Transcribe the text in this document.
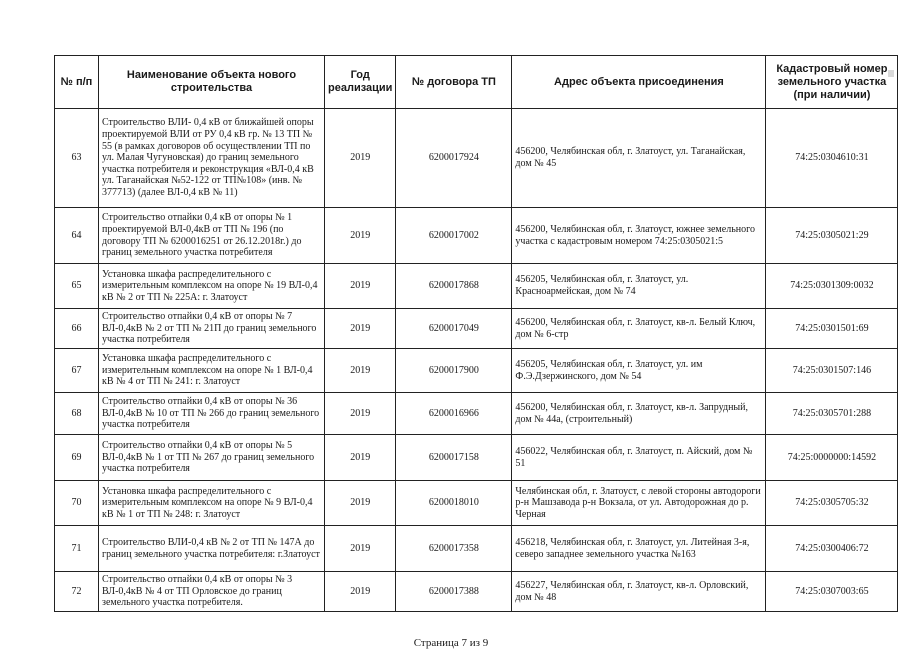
№ п/п	Наименование объекта нового строительства	Год реализации	№ договора ТП	Адрес объекта присоединения	Кадастровый номер земельного участка (при наличии)
63	Строительство ВЛИ- 0,4 кВ от ближайшей опоры проектируемой ВЛИ от РУ 0,4 кВ гр. № 13 ТП № 55 (в рамках договоров об осуществлении ТП по ул. Малая Чугуновская) до границ земельного участка потребителя и реконструкция «ВЛ-0,4 кВ ул. Таганайская №52-122 от ТП№108» (инв. № 377713) (далее ВЛ-0,4 кВ № 11)	2019	6200017924	456200, Челябинская обл, г. Златоуст, ул. Таганайская, дом № 45	74:25:0304610:31
64	Строительство отпайки 0,4 кВ от опоры № 1 проектируемой ВЛ-0,4кВ от ТП № 196 (по договору ТП № 6200016251 от 26.12.2018г.) до границ земельного участка потребителя	2019	6200017002	456200, Челябинская обл, г. Златоуст, южнее земельного участка с кадастровым номером 74:25:0305021:5	74:25:0305021:29
65	Установка шкафа распределительного с измерительным комплексом на опоре № 19 ВЛ-0,4 кВ № 2 от ТП № 225А: г. Златоуст	2019	6200017868	456205, Челябинская обл, г. Златоуст, ул. Красноармейская, дом № 74	74:25:0301309:0032
66	Строительство отпайки 0,4 кВ от опоры № 7 ВЛ-0,4кВ № 2 от ТП № 21П до границ земельного участка потребителя	2019	6200017049	456200, Челябинская обл, г. Златоуст, кв-л. Белый Ключ, дом № 6-стр	74:25:0301501:69
67	Установка шкафа распределительного с измерительным комплексом на опоре № 1 ВЛ-0,4 кВ № 4 от ТП № 241: г. Златоуст	2019	6200017900	456205, Челябинская обл, г. Златоуст, ул. им Ф.Э.Дзержинского, дом № 54	74:25:0301507:146
68	Строительство отпайки 0,4 кВ от опоры № 36 ВЛ-0,4кВ № 10 от ТП № 266 до границ земельного участка потребителя	2019	6200016966	456200, Челябинская обл, г. Златоуст, кв-л. Запрудный, дом № 44а, (строительный)	74:25:0305701:288
69	Строительство отпайки 0,4 кВ от опоры № 5 ВЛ-0,4кВ № 1 от ТП № 267 до границ земельного участка потребителя	2019	6200017158	456022, Челябинская обл, г. Златоуст, п. Айский, дом № 51	74:25:0000000:14592
70	Установка шкафа распределительного с измерительным комплексом на опоре № 9 ВЛ-0,4 кВ № 1 от ТП № 248: г. Златоуст	2019	6200018010	Челябинская обл, г. Златоуст, с левой стороны автодороги р-н Машзавода р-н Вокзала, от ул. Автодорожная до р. Черная	74:25:0305705:32
71	Строительство ВЛИ-0,4 кВ № 2 от ТП № 147А до границ земельного участка потребителя: г.Златоуст	2019	6200017358	456218, Челябинская обл, г. Златоуст, ул. Литейная 3-я, северо западнее земельного участка №163	74:25:0300406:72
72	Строительство отпайки 0,4 кВ от опоры № 3 ВЛ-0,4кВ № 4 от ТП Орловское до границ земельного участка потребителя.	2019	6200017388	456227, Челябинская обл, г. Златоуст, кв-л. Орловский, дом № 48	74:25:0307003:65
Страница 7 из 9
